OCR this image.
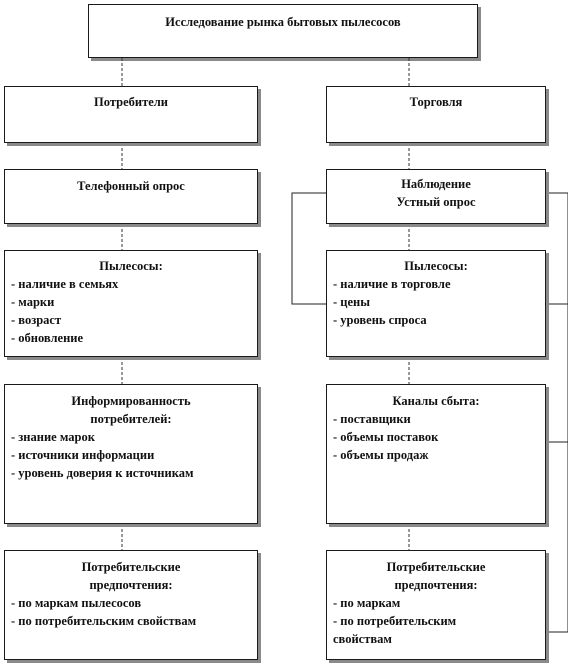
Исследование рынка бытовых пылесосов
Потребители
Телефонный опрос
Пылесосы:
- наличие в семьях
- марки
- возраст
- обновление
Информированность
потребителей:
- знание марок
- источники информации
- уровень доверия к источникам
Потребительские
предпочтения:
- по маркам пылесосов
- по потребительским свойствам
Торговля
Наблюдение
Устный опрос
Пылесосы:
- наличие в торговле
- цены
- уровень спроса
Каналы сбыта:
- поставщики
- объемы поставок
- объемы продаж
Потребительские
предпочтения:
- по маркам
- по потребительским
свойствам
